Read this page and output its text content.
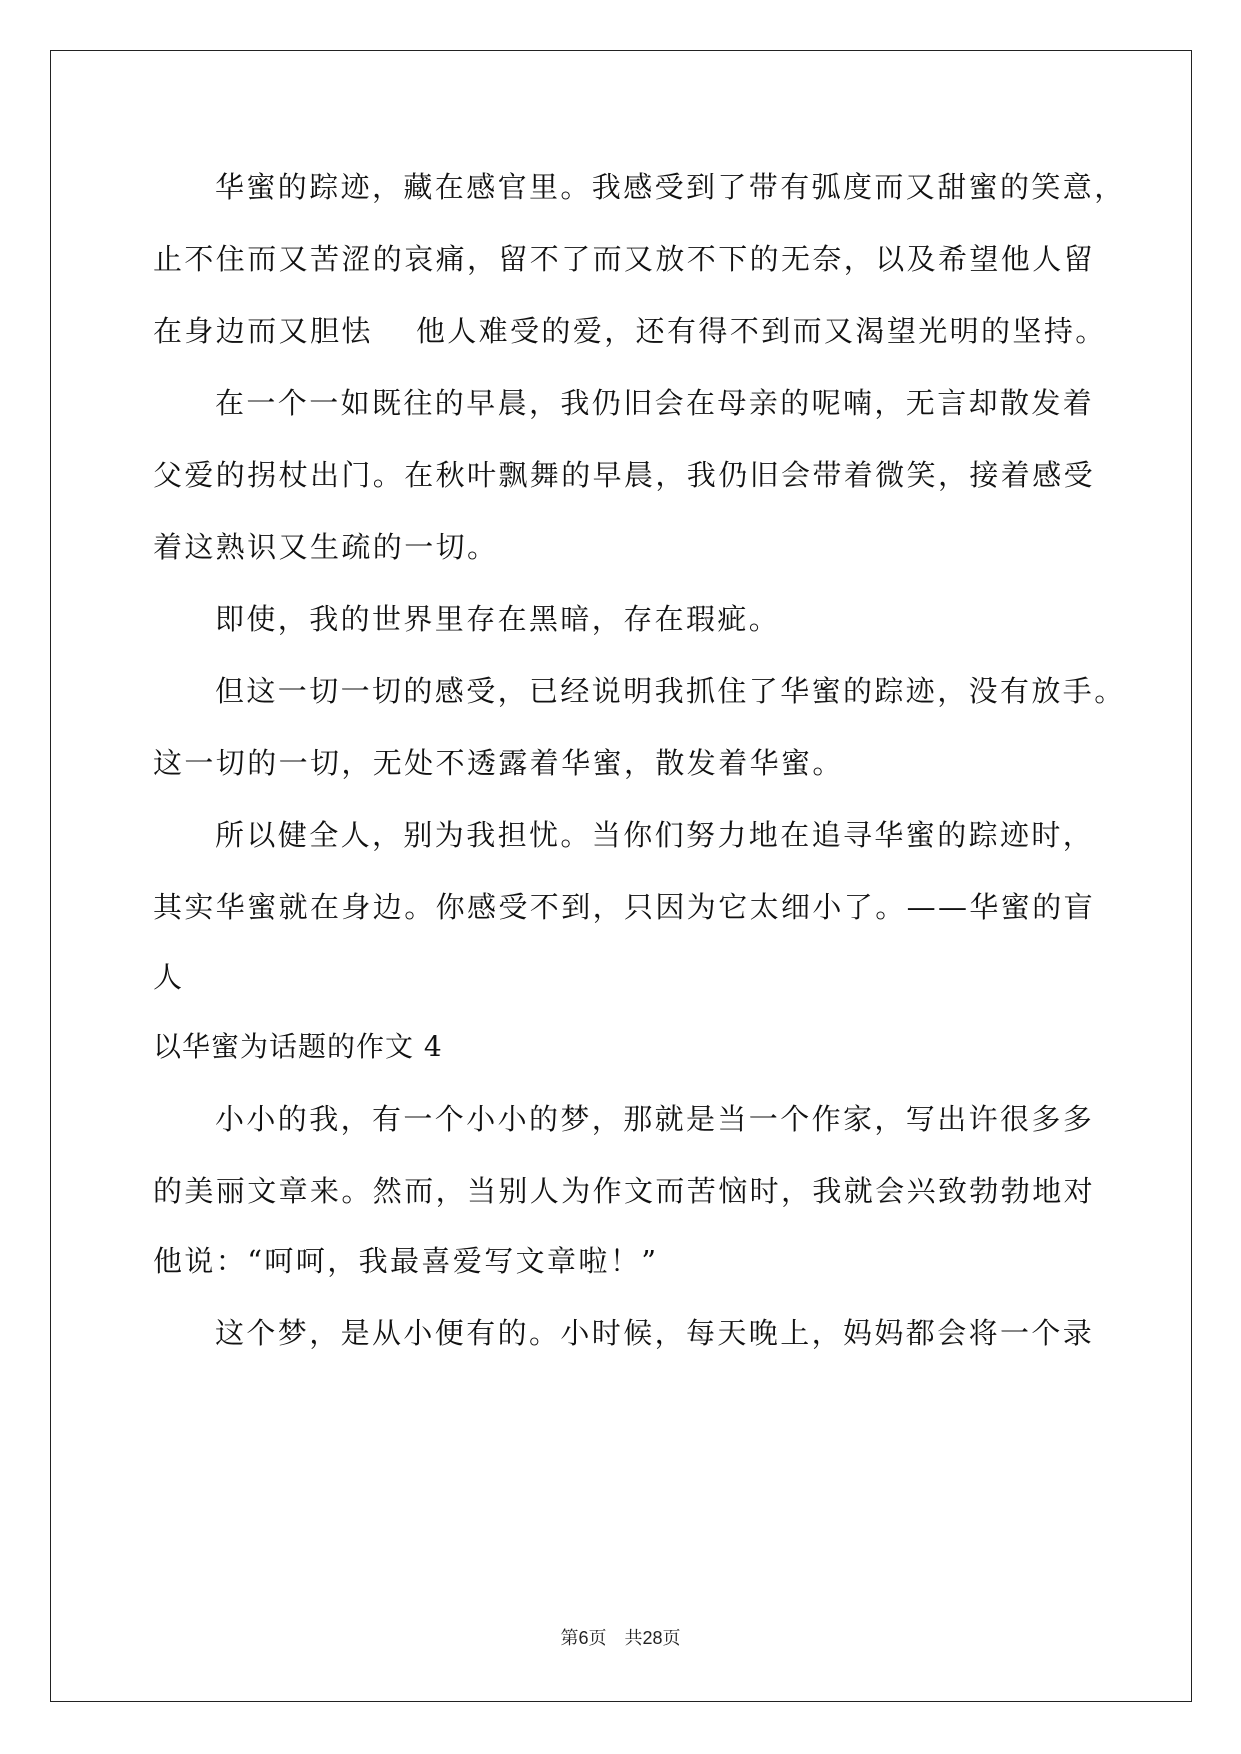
华蜜的踪迹，藏在感官里。我感受到了带有弧度而又甜蜜的笑意，
止不住而又苦涩的哀痛，留不了而又放不下的无奈，以及希望他人留
在身边而又胆怯　 他人难受的爱，还有得不到而又渴望光明的坚持。
在一个一如既往的早晨，我仍旧会在母亲的呢喃，无言却散发着
父爱的拐杖出门。在秋叶飘舞的早晨，我仍旧会带着微笑，接着感受
着这熟识又生疏的一切。
即使，我的世界里存在黑暗，存在瑕疵。
但这一切一切的感受，已经说明我抓住了华蜜的踪迹，没有放手。
这一切的一切，无处不透露着华蜜，散发着华蜜。
所以健全人，别为我担忧。当你们努力地在追寻华蜜的踪迹时，
其实华蜜就在身边。你感受不到，只因为它太细小了。——华蜜的盲
人
以华蜜为话题的作文 4
小小的我，有一个小小的梦，那就是当一个作家，写出许很多多
的美丽文章来。然而，当别人为作文而苦恼时，我就会兴致勃勃地对
他说：“呵呵，我最喜爱写文章啦！”
这个梦，是从小便有的。小时候，每天晚上，妈妈都会将一个录
第6页 共28页
